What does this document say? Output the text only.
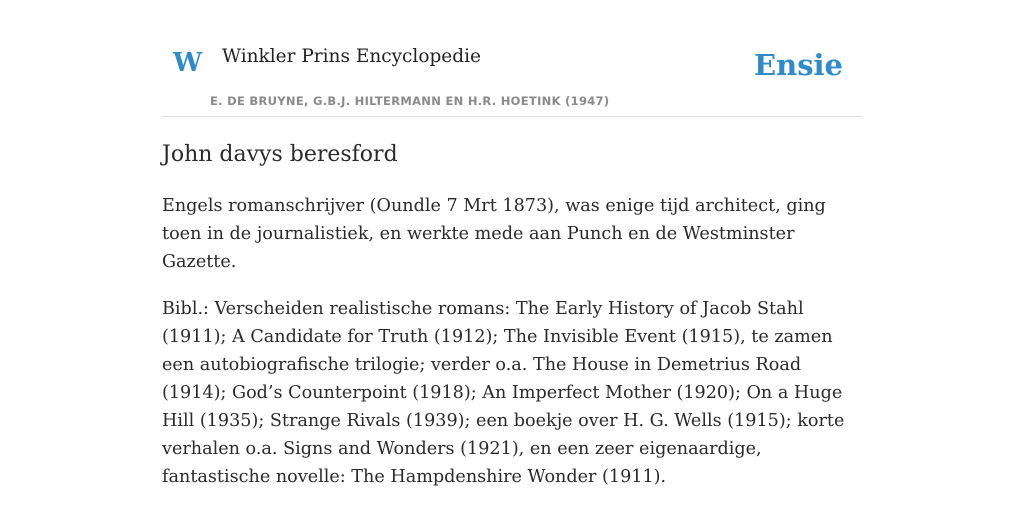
W Winkler Prins Encyclopedie
E. DE BRUYNE, G.B.J. HILTERMANN EN H.R. HOETINK (1947)
Ensie
John davys beresford

Engels romanschrijver (Oundle 7 Mrt 1873), was enige tijd architect, ging toen in de journalistiek, en werkte mede aan Punch en de Westminster Gazette.

Bibl.: Verscheiden realistische romans: The Early History of Jacob Stahl (1911); A Candidate for Truth (1912); The Invisible Event (1915), te zamen een autobiografische trilogie; verder o.a. The House in Demetrius Road (1914); God’s Counterpoint (1918); An Imperfect Mother (1920); On a Huge Hill (1935); Strange Rivals (1939); een boekje over H. G. Wells (1915); korte verhalen o.a. Signs and Wonders (1921), en een zeer eigenaardige, fantastische novelle: The Hampdenshire Wonder (1911).
